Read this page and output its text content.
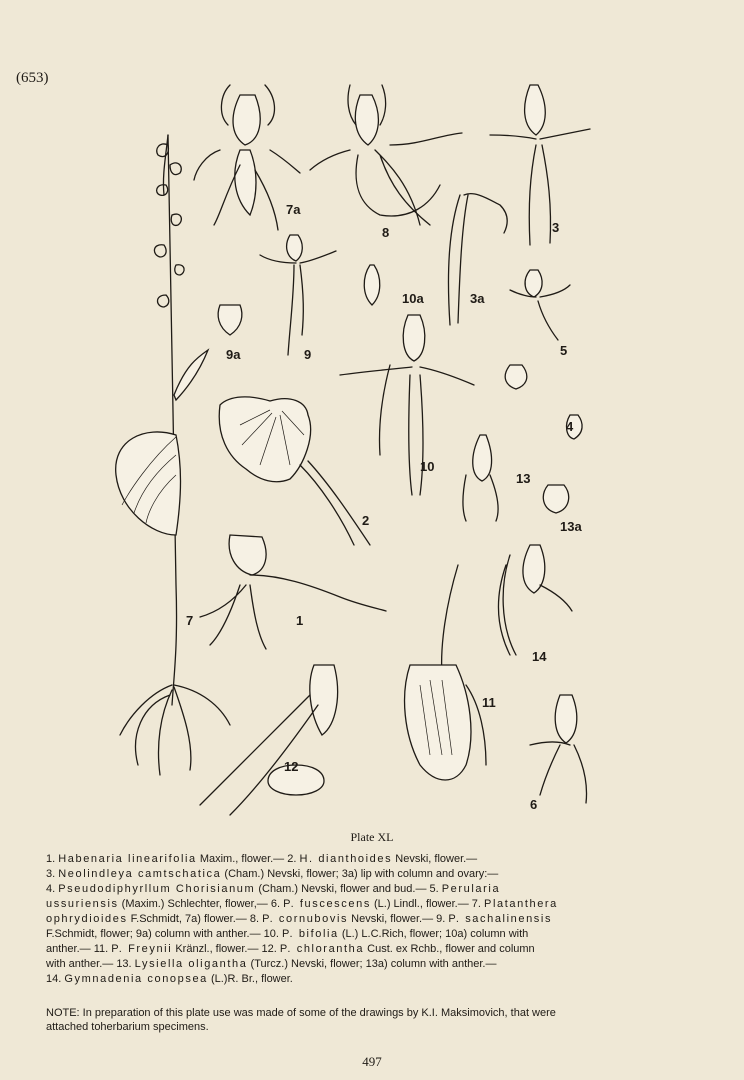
(653)
7a
8	3
10a	3a
9a	9	5
4
10
13
13a
2
1
7
14
11
12
6
Plate XL

1. Habenaria linearifolia Maxim., flower.— 2. H. dianthoides Nevski, flower.—

3. Neolindleya camtschatica (Cham.) Nevski, flower; 3a) lip with column and ovary:—

4. Pseudodiphyrllum Chorisianum (Cham.) Nevski, flower and bud.— 5. Perularia

ussuriensis (Maxim.) Schlechter, flower,— 6. P. fuscescens (L.) Lindl., flower.— 7. Platanthera

ophrydioides F.Schmidt, 7a) flower.— 8. P. cornubovis Nevski, flower.— 9. P. sachalinensis

F.Schmidt, flower; 9a) column with anther.— 10. P. bifolia (L.) L.C.Rich, flower; 10a) column with

anther.— 11. P. Freynii Kränzl., flower.— 12. P. chlorantha Cust. ex Rchb., flower and column

with anther.— 13. Lysiella oligantha (Turcz.) Nevski, flower; 13a) column with anther.—

14. Gymnadenia conopsea (L.)R. Br., flower.

NOTE: In preparation of this plate use was made of some of the drawings by K.I. Maksimovich, that were

attached toherbarium specimens.

497
